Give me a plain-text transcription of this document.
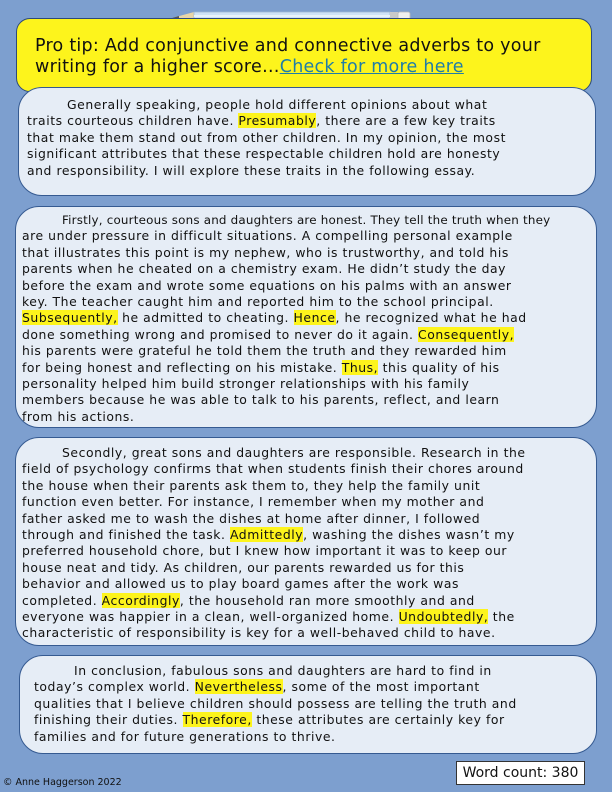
Pro tip: Add conjunctive and connective adverbs to your writing for a higher score…Check for more here
Generally speaking, people hold different opinions about what
traits courteous children have. Presumably, there are a few key traits
that make them stand out from other children. In my opinion, the most
significant attributes that these respectable children hold are honesty
and responsibility. I will explore these traits in the following essay.
Firstly, courteous sons and daughters are honest. They tell the truth when they
are under pressure in difficult situations. A compelling personal example
that illustrates this point is my nephew, who is trustworthy, and told his
parents when he cheated on a chemistry exam. He didn’t study the day
before the exam and wrote some equations on his palms with an answer
key. The teacher caught him and reported him to the school principal.
Subsequently, he admitted to cheating. Hence, he recognized what he had
done something wrong and promised to never do it again. Consequently,
his parents were grateful he told them the truth and they rewarded him
for being honest and reflecting on his mistake. Thus, this quality of his
personality helped him build stronger relationships with his family
members because he was able to talk to his parents, reflect, and learn
from his actions.
Secondly, great sons and daughters are responsible. Research in the
field of psychology confirms that when students finish their chores around
the house when their parents ask them to, they help the family unit
function even better. For instance, I remember when my mother and
father asked me to wash the dishes at home after dinner, I followed
through and finished the task. Admittedly, washing the dishes wasn’t my
preferred household chore, but I knew how important it was to keep our
house neat and tidy. As children, our parents rewarded us for this
behavior and allowed us to play board games after the work was
completed. Accordingly, the household ran more smoothly and and
everyone was happier in a clean, well-organized home. Undoubtedly, the
characteristic of responsibility is key for a well-behaved child to have.
In conclusion, fabulous sons and daughters are hard to find in
today’s complex world. Nevertheless, some of the most important
qualities that I believe children should possess are telling the truth and
finishing their duties. Therefore, these attributes are certainly key for
families and for future generations to thrive.
Word count: 380
© Anne Haggerson 2022
